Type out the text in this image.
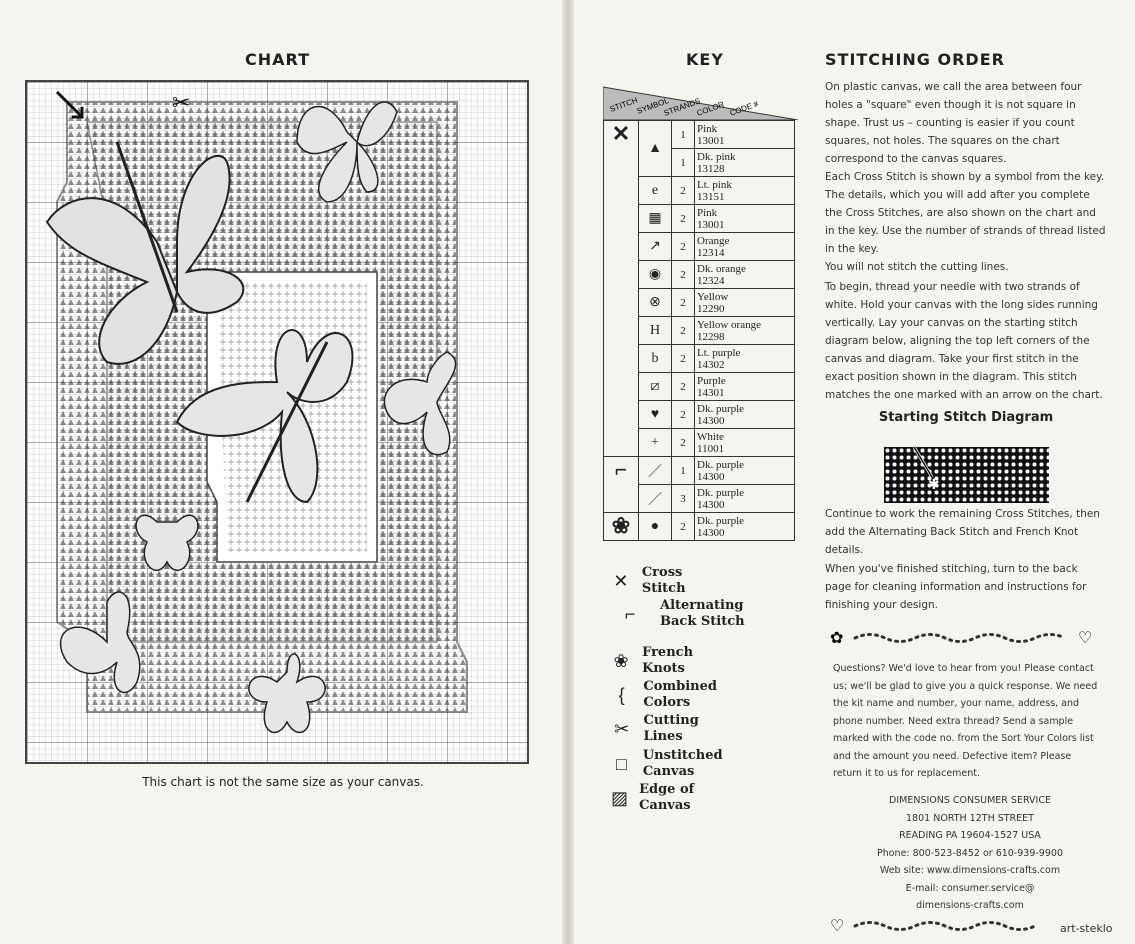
CHART
✂
This chart is not the same size as your canvas.
KEY
STITCH
SYMBOL
STRANDS
COLOR CODE #
✕	▲	1	Pink
13001

		1	Dk. pink
13128

	e	2	Lt. pink
13151

	▦	2	Pink
13001

	↗	2	Orange
12314

	◉	2	Dk. orange
12324

	⊗	2	Yellow
12290

	H	2	Yellow orange
12298

	b	2	Lt. purple
14302

	⧄	2	Purple
14301

	♥	2	Dk. purple
14300

	+	2	White
11001

⌐	／	1	Dk. purple
14300

	／	3	Dk. purple
14300

❀	●	2	Dk. purple
14300
✕	Cross Stitch
⌐	Alternating Back Stitch
❀	French Knots
{	Combined Colors
✂	Cutting Lines
□	Unstitched Canvas
▨ Edge of Canvas
STITCHING ORDER
On plastic canvas, we call the area between four holes a "square" even though it is not square in shape. Trust us – counting is easier if you count squares, not holes. The squares on the chart correspond to the canvas squares.
Each Cross Stitch is shown by a symbol from the key. The details, which you will add after you complete the Cross Stitches, are also shown on the chart and in the key. Use the number of strands of thread listed in the key.
You will not stitch the cutting lines.
To begin, thread your needle with two strands of white. Hold your canvas with the long sides running vertically. Lay your canvas on the starting stitch diagram below, aligning the top left corners of the canvas and diagram. Take your first stitch in the exact position shown in the diagram. This stitch matches the one marked with an arrow on the chart.
Starting Stitch Diagram
✱
Continue to work the remaining Cross Stitches, then add the Alternating Back Stitch and French Knot details.
When you've finished stitching, turn to the back page for cleaning information and instructions for finishing your design.
✿	♡
Questions? We'd love to hear from you! Please contact us; we'll be glad to give you a quick response. We need the kit name and number, your name, address, and phone number. Need extra thread? Send a sample marked with the code no. from the Sort Your Colors list and the amount you need. Defective item? Please return it to us for replacement.
DIMENSIONS CONSUMER SERVICE
1801 NORTH 12TH STREET
READING PA 19604-1527 USA
Phone: 800-523-8452 or 610-939-9900
Web site: www.dimensions-crafts.com
E-mail: consumer.service@
dimensions-crafts.com
♡	art-steklo
